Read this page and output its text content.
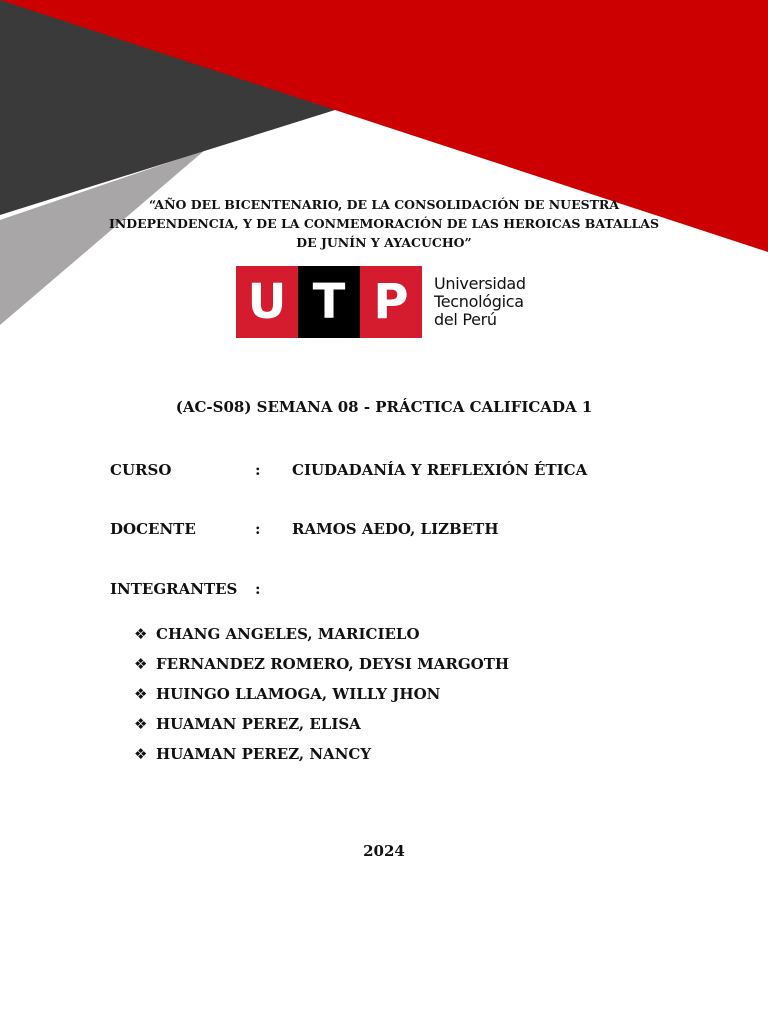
“AÑO DEL BICENTENARIO, DE LA CONSOLIDACIÓN DE NUESTRA INDEPENDENCIA, Y DE LA CONMEMORACIÓN DE LAS HEROICAS BATALLAS DE JUNÍN Y AYACUCHO”
U T P	Universidad
Tecnológica
del Perú
(AC-S08) SEMANA 08 - PRÁCTICA CALIFICADA 1
CURSO	: CIUDADANÍA Y REFLEXIÓN ÉTICA
DOCENTE	: RAMOS AEDO, LIZBETH
INTEGRANTES :
❖ CHANG ANGELES, MARICIELO
❖ FERNANDEZ ROMERO, DEYSI MARGOTH
❖ HUINGO LLAMOGA, WILLY JHON
❖ HUAMAN PEREZ, ELISA
❖ HUAMAN PEREZ, NANCY
2024
